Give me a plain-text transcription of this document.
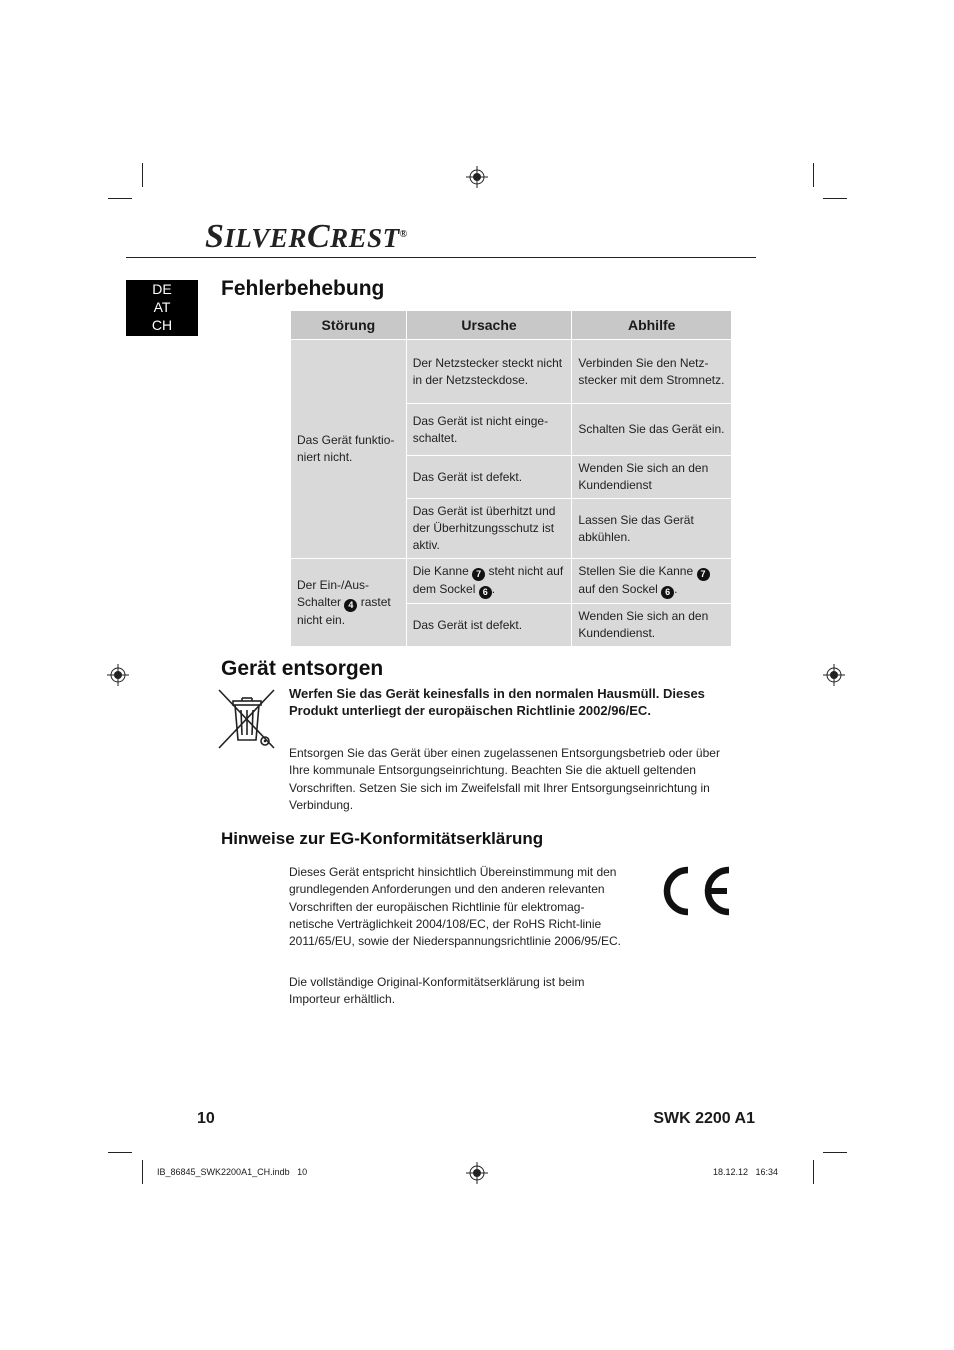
SILVERCREST®
DE
AT
CH
Fehlerbehebung
Störung	Ursache	Abhilfe
Das Gerät funktio-niert nicht.	Der Netzstecker steckt nicht in der Netzsteckdose.	Verbinden Sie den Netz-stecker mit dem Stromnetz.
	Das Gerät ist nicht einge-schaltet.	Schalten Sie das Gerät ein.
	Das Gerät ist defekt.	Wenden Sie sich an den Kundendienst
	Das Gerät ist überhitzt und der Überhitzungsschutz ist aktiv.	Lassen Sie das Gerät abkühlen.
Der Ein-/Aus-Schalter 4 rastet nicht ein.	Die Kanne 7 steht nicht auf dem Sockel 6 .	Stellen Sie die Kanne 7 auf den Sockel 6 .
	Das Gerät ist defekt.	Wenden Sie sich an den Kundendienst.
Gerät entsorgen
Werfen Sie das Gerät keinesfalls in den normalen Hausmüll. Dieses Produkt unterliegt der europäischen Richtlinie 2002/96/EC.
Entsorgen Sie das Gerät über einen zugelassenen Entsorgungsbetrieb oder über Ihre kommunale Entsorgungseinrichtung. Beachten Sie die aktuell geltenden Vorschriften. Setzen Sie sich im Zweifelsfall mit Ihrer Entsorgungseinrichtung in Verbindung.
Hinweise zur EG-Konformitätserklärung
Dieses Gerät entspricht hinsichtlich Übereinstimmung mit den grundlegenden Anforderungen und den anderen relevanten Vorschriften der europäischen Richtlinie für elektromag-netische Verträglichkeit 2004/108/EC, der RoHS Richt-linie 2011/65/EU, sowie der Niederspannungsrichtlinie 2006/95/EC.
Die vollständige Original-Konformitätserklärung ist beim Importeur erhältlich.
10	SWK 2200 A1
IB_86845_SWK2200A1_CH.indb   10	18.12.12   16:34
